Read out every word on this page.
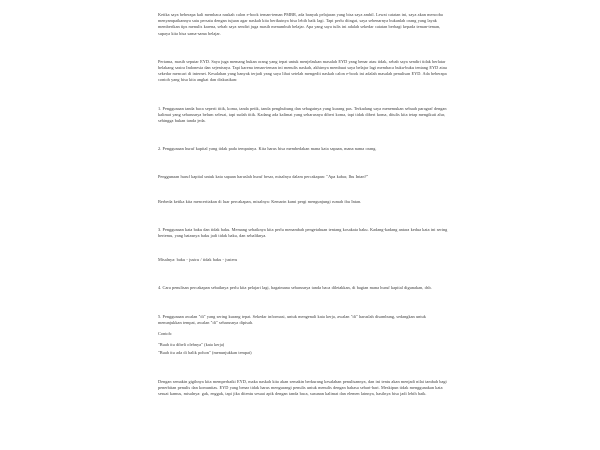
Ketika saya beberapa kali membaca naskah calon e-book teman-teman PMBR, ada banyak pelajaran yang bisa saya ambil. Lewat catatan ini, saya akan mencoba menyampaikannya satu persatu dengan tujuan agar naskah kita berikutnya bisa lebih baik lagi. Tapi perlu diingat, saya sebenarnya bukanlah orang yang layak memberikan tips menulis karena, sebab saya sendiri juga masih menumbuh belajar. Apa yang saya tulis ini adalah sekedar catatan berbagi kepada teman-teman, supaya kita bisa sama-sama belajar.

Pertama, masih seputar EYD. Saya juga memang bukan orang yang tepat untuk menjelaskan masalah EYD yang benar atau tidak, sebab saya sendiri tidak berlatar belakang sastra Indonesia dan sejenisnya. Tapi karena teman-teman ini menulis naskah, akhirnya membuat saya belajar lagi membaca buku-buku tentang EYD atau sekedar mencari di internet. Kesalahan yang banyak terjadi yang saya lihat setelah mengedit naskah calon e-book ini adalah masalah penulisan EYD. Ada beberapa contoh yang bisa kita angkat dan diskusikan:

1. Penggunaan tanda baca seperti titik, koma, tanda petik, tanda penghubung dan sebagainya yang kurang pas. Terkadang saya menemukan sebuah paragraf dengan kalimat yang seharusnya belum selesai, tapi sudah titik. Kadang ada kalimat yang seharusnya diberi koma, tapi tidak diberi koma, ditulis kita tetap mengikuti alur, sehingga bukan tanda jeda.

2. Penggunaan huruf kapital yang tidak pada tempatnya. Kita harus bisa membedakan mana kata sapaan, mana nama orang.

Penggunaan huruf kapital untuk kata sapaan haruslah huruf besar, misalnya dalam percakapan: "Apa kabar, Ibu Intan?"

Berbeda ketika kita menceritakan di luar percakapan, misalnya: Kemarin kami pergi mengunjungi rumah ibu Intan.

3. Penggunaan kata baku dan tidak baku. Memang sebaiknya kita perlu menambah pengetahuan tentang kosakata baku. Kadang-kadang antara kedua kata ini sering bertemu, yang batasnya baku jadi tidak baku, dan sebaliknya.

Misalnya: baku - justru / tidak baku - justeru

4. Cara penulisan percakapan sebaiknya perlu kita pelajari lagi, bagaimana seharusnya tanda baca diletakkan, di bagian mana huruf kapital digunakan, dsb.

5. Penggunaan awalan "di" yang sering kurang tepat. Sekedar informasi, untuk mengenali kata kerja, awalan "di" haruslah disambung, sedangkan untuk menunjukkan tempat, awalan "di" seharusnya dipisah.

Contoh:

"Buah itu dibeli olehnya" (kata kerja)

"Buah itu ada di balik pohon" (menunjukkan tempat)

Dengan semakin gigihnya kita memperbaiki EYD, maka naskah kita akan semakin berkurang kesalahan penulisannya, dan ini tentu akan menjadi nilai tambah bagi penerbitan penulis dan komunitas. EYD yang benar tidak harus mengurangi penulis untuk menulis dengan bahasa sehari-hari. Meskipun tidak menggunakan kata sesuai kamus, misalnya: gak, enggak, tapi jika ditentu sesuai apik dengan tanda baca, susunan kalimat dan elemen lainnya, hasilnya bisa jadi lebih baik.
